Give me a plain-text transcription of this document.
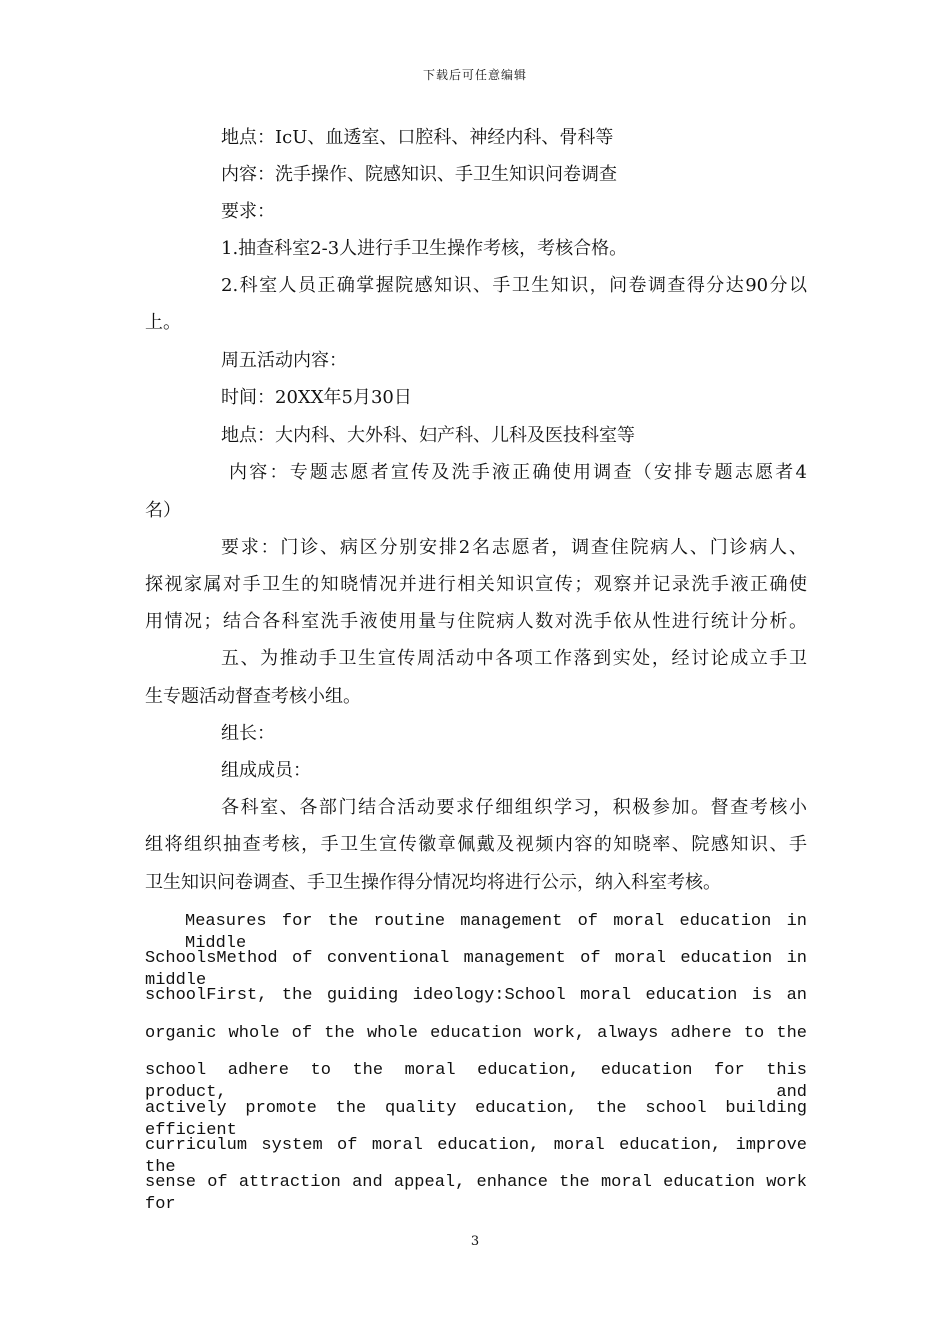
下载后可任意编辑
地点：IcU、血透室、口腔科、神经内科、骨科等
内容：洗手操作、院感知识、手卫生知识问卷调查
要求：
1.抽查科室2-3人进行手卫生操作考核，考核合格。
2.科室人员正确掌握院感知识、手卫生知识，问卷调查得分达90分以
上。
周五活动内容：
时间：20XX年5月30日
地点：大内科、大外科、妇产科、儿科及医技科室等
内容：专题志愿者宣传及洗手液正确使用调查（安排专题志愿者4
名）
要求：门诊、病区分别安排2名志愿者，调查住院病人、门诊病人、
探视家属对手卫生的知晓情况并进行相关知识宣传；观察并记录洗手液正确使
用情况；结合各科室洗手液使用量与住院病人数对洗手依从性进行统计分析。
五、为推动手卫生宣传周活动中各项工作落到实处，经讨论成立手卫
生专题活动督查考核小组。
组长：
组成成员：
各科室、各部门结合活动要求仔细组织学习，积极参加。督查考核小
组将组织抽查考核，手卫生宣传徽章佩戴及视频内容的知晓率、院感知识、手
卫生知识问卷调查、手卫生操作得分情况均将进行公示，纳入科室考核。
Measures for the routine management of moral education in Middle
SchoolsMethod of conventional management of moral education in middle
schoolFirst, the guiding ideology:School moral education is an
organic whole of the whole education work, always adhere to the
school adhere to the moral education, education for this product, and
actively promote the quality education, the school building efficient
curriculum system of moral education, moral education, improve the
sense of attraction and appeal, enhance the moral education work for
3
